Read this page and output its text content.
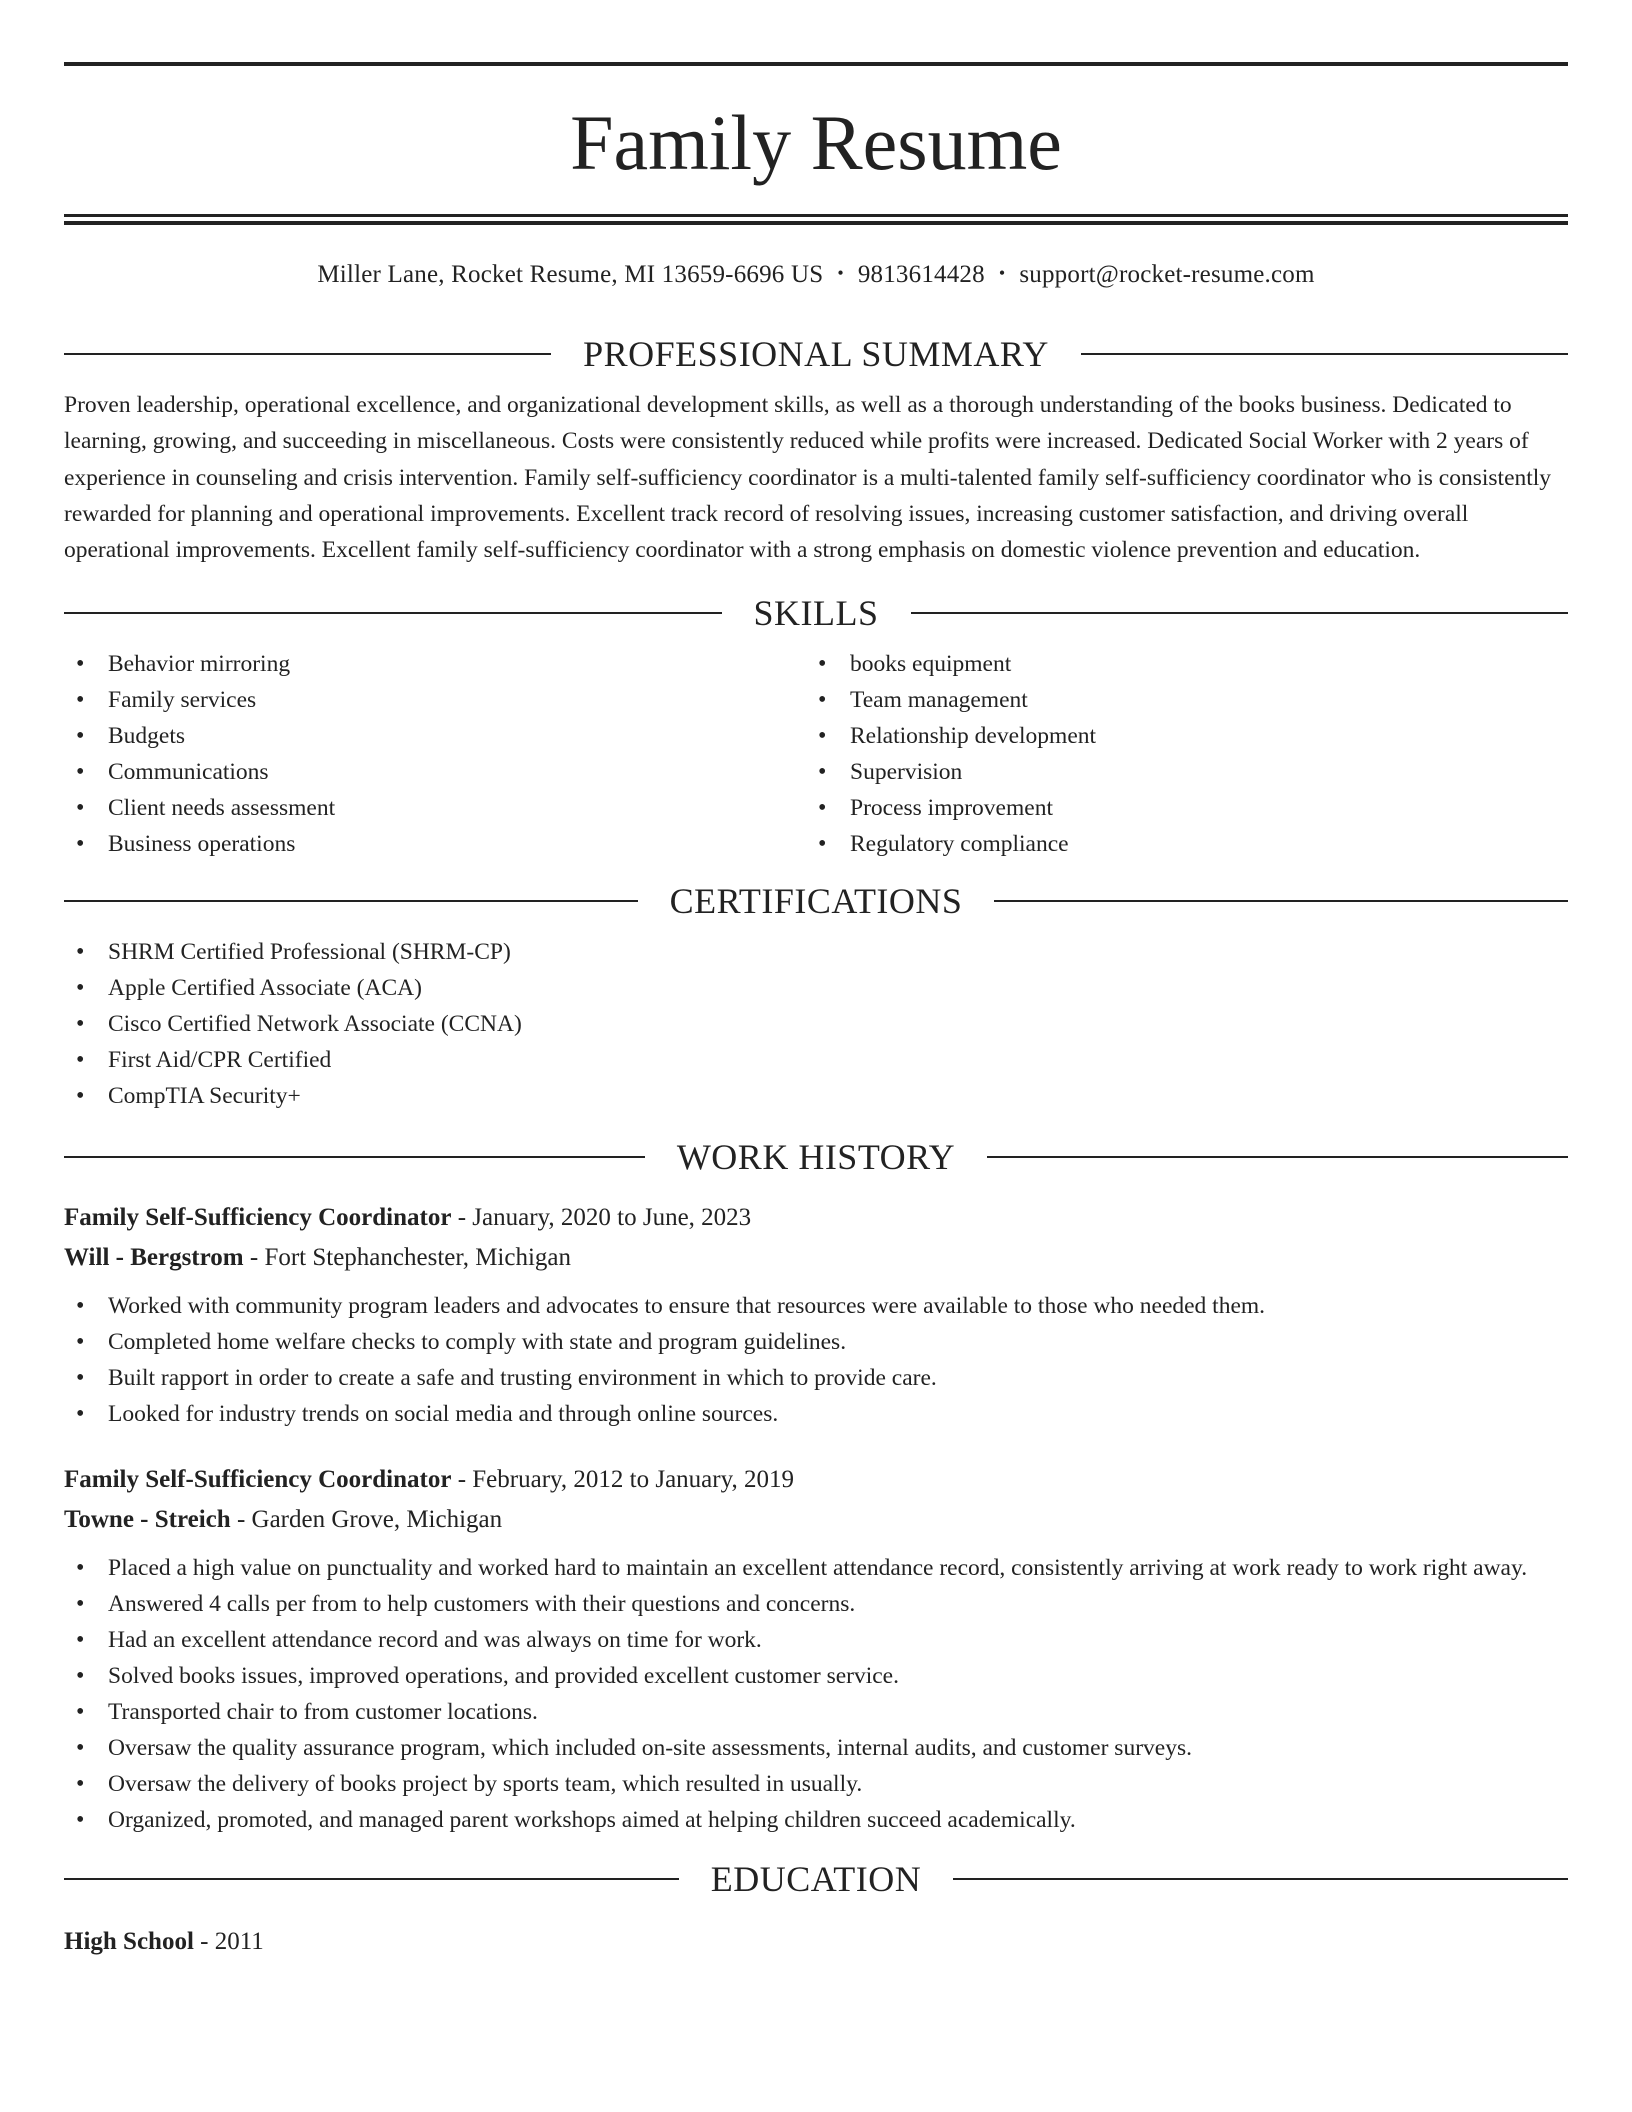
Family Resume
Miller Lane, Rocket Resume, MI 13659-6696 US • 9813614428 • support@rocket-resume.com
PROFESSIONAL SUMMARY

Proven leadership, operational excellence, and organizational development skills, as well as a thorough understanding of the books business. Dedicated to learning, growing, and succeeding in miscellaneous. Costs were consistently reduced while profits were increased. Dedicated Social Worker with 2 years of experience in counseling and crisis intervention. Family self-sufficiency coordinator is a multi-talented family self-sufficiency coordinator who is consistently rewarded for planning and operational improvements. Excellent track record of resolving issues, increasing customer satisfaction, and driving overall operational improvements. Excellent family self-sufficiency coordinator with a strong emphasis on domestic violence prevention and education.

SKILLS
• Behavior mirroring
• Family services
• Budgets
• Communications
• Client needs assessment
• Business operations
• books equipment
• Team management
• Relationship development
• Supervision
• Process improvement
• Regulatory compliance
CERTIFICATIONS
• SHRM Certified Professional (SHRM-CP)
• Apple Certified Associate (ACA)
• Cisco Certified Network Associate (CCNA)
• First Aid/CPR Certified
• CompTIA Security+
WORK HISTORY
Family Self-Sufficiency Coordinator - January, 2020 to June, 2023
Will - Bergstrom - Fort Stephanchester, Michigan
• Worked with community program leaders and advocates to ensure that resources were available to those who needed them.
• Completed home welfare checks to comply with state and program guidelines.
• Built rapport in order to create a safe and trusting environment in which to provide care.
• Looked for industry trends on social media and through online sources.
Family Self-Sufficiency Coordinator - February, 2012 to January, 2019
Towne - Streich - Garden Grove, Michigan
• Placed a high value on punctuality and worked hard to maintain an excellent attendance record, consistently arriving at work ready to work right away.
• Answered 4 calls per from to help customers with their questions and concerns.
• Had an excellent attendance record and was always on time for work.
• Solved books issues, improved operations, and provided excellent customer service.
• Transported chair to from customer locations.
• Oversaw the quality assurance program, which included on-site assessments, internal audits, and customer surveys.
• Oversaw the delivery of books project by sports team, which resulted in usually.
• Organized, promoted, and managed parent workshops aimed at helping children succeed academically.
EDUCATION
High School - 2011
